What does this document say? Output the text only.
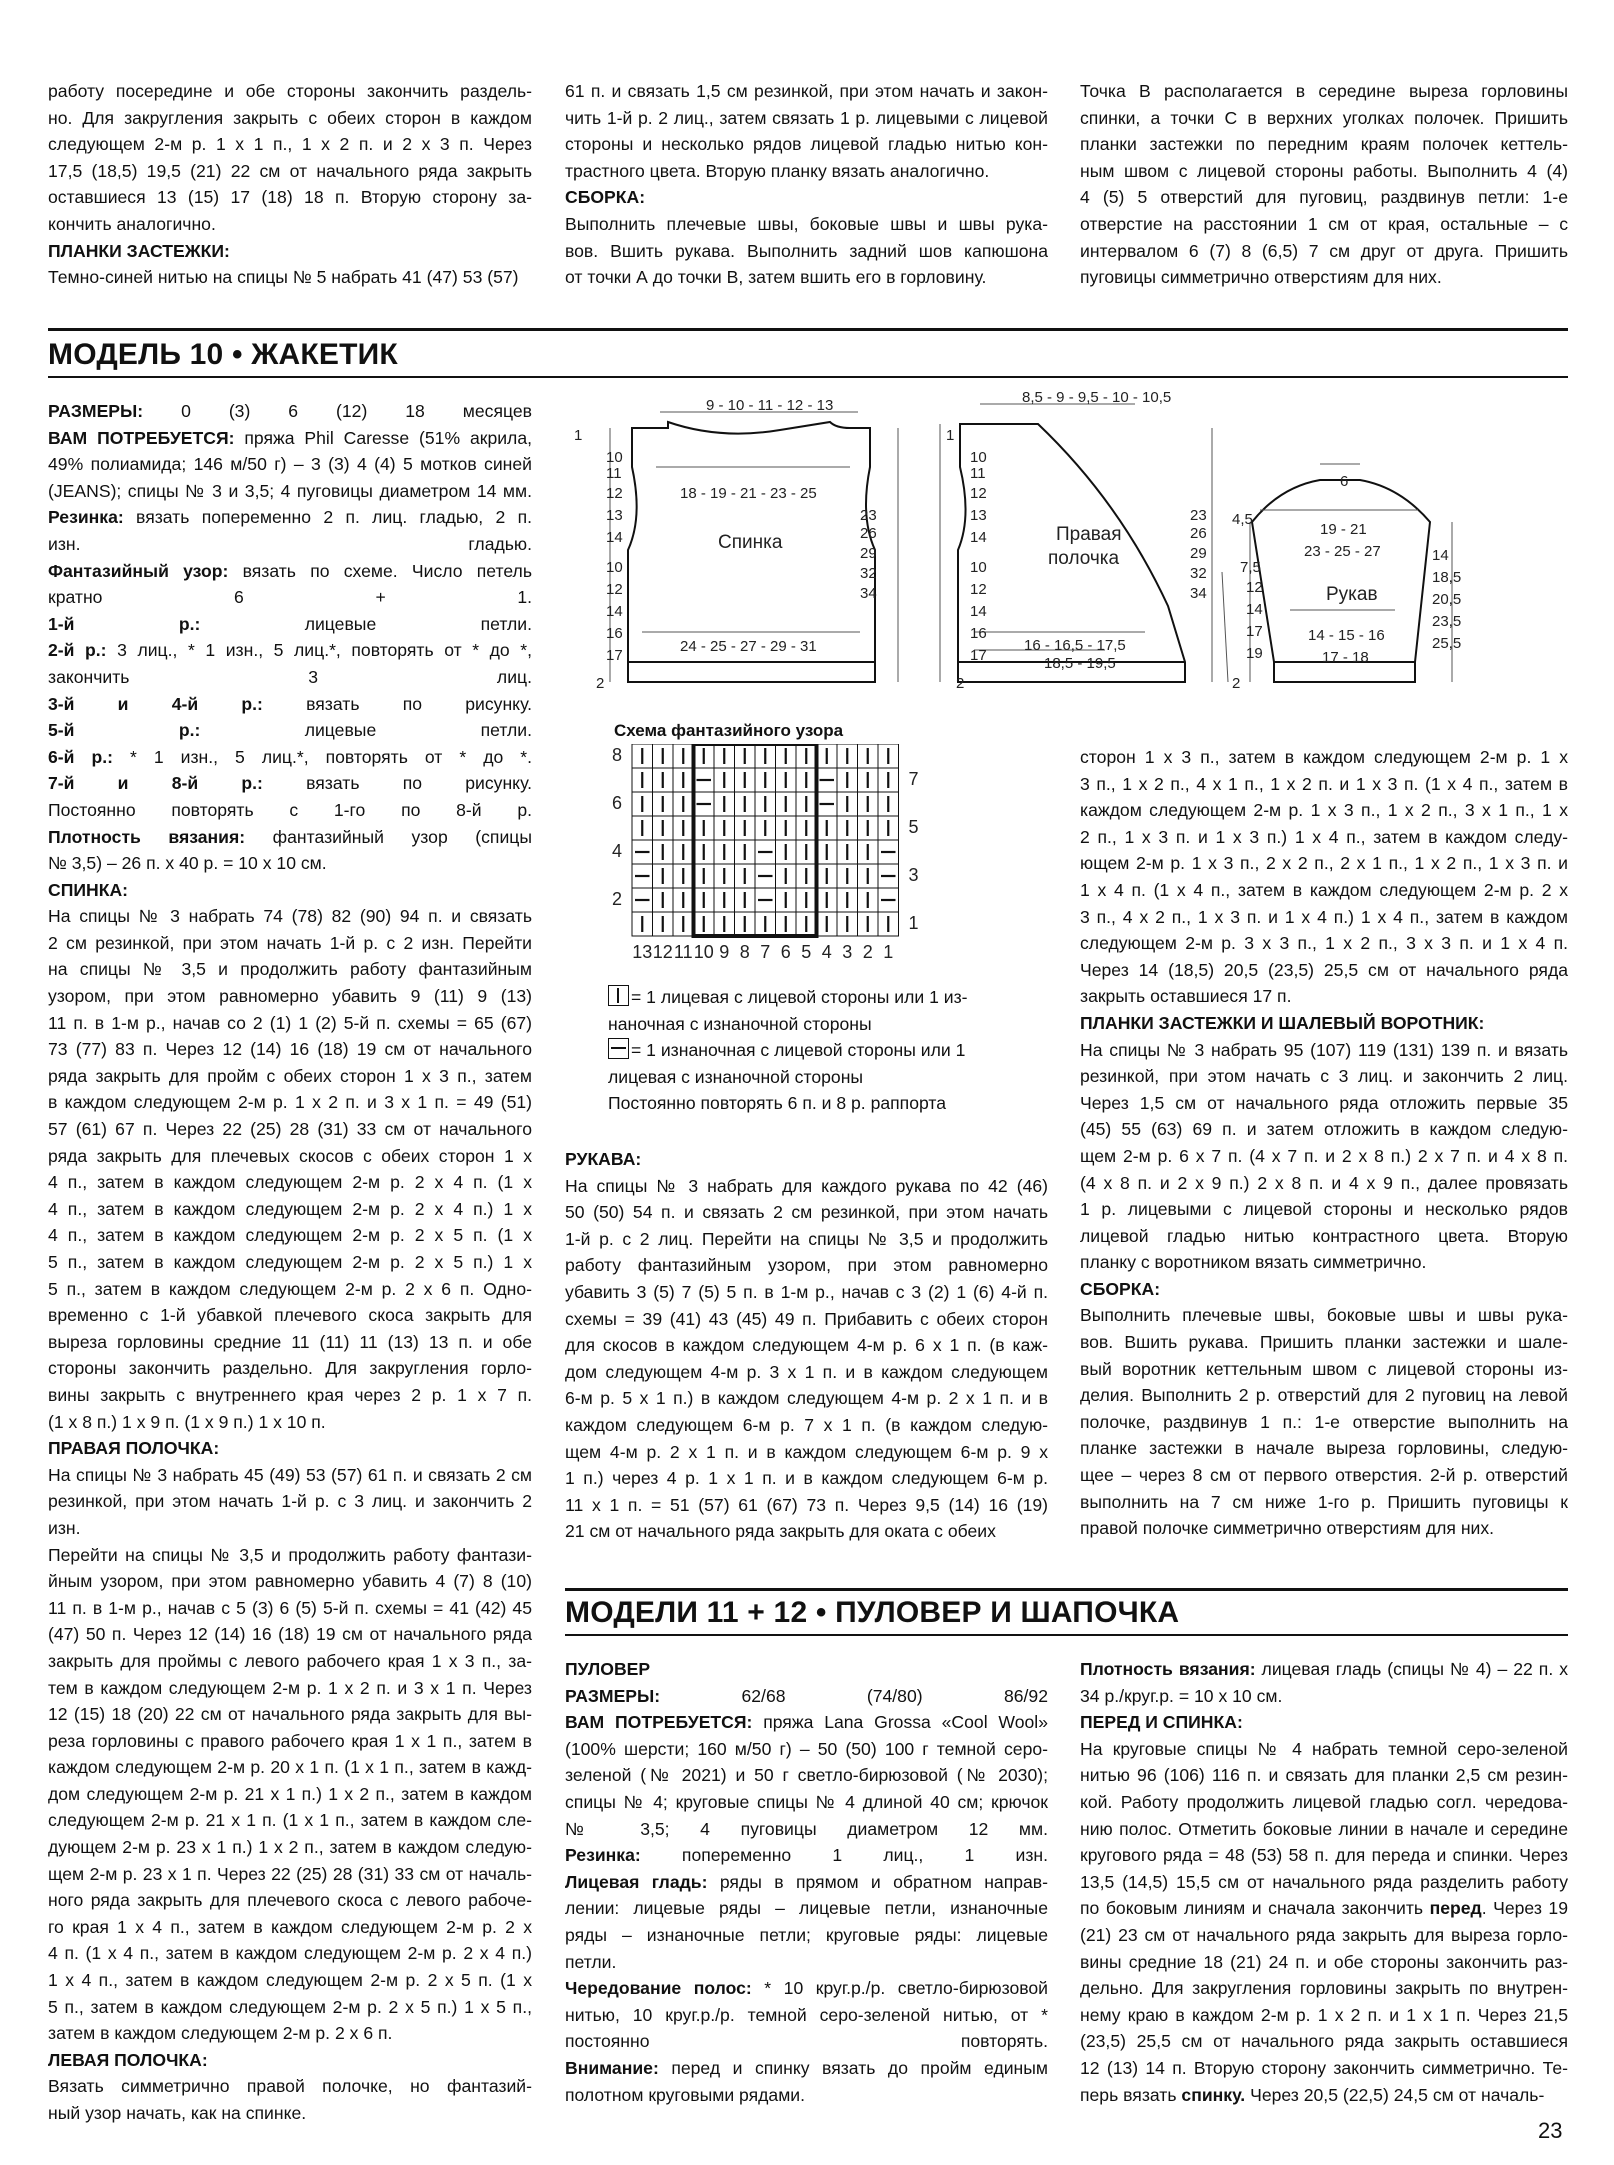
работу посередине и обе стороны закончить раздель-

но. Для закругления закрыть с обеих сторон в каждом

следующем 2-м р. 1 х 1 п., 1 х 2 п. и 2 х 3 п. Через

17,5 (18,5) 19,5 (21) 22 см от начального ряда закрыть

оставшиеся 13 (15) 17 (18) 18 п. Вторую сторону за-

кончить аналогично.

ПЛАНКИ ЗАСТЕЖКИ:

Темно-синей нитью на спицы № 5 набрать 41 (47) 53 (57)

61 п. и связать 1,5 см резинкой, при этом начать и закон-

чить 1-й р. 2 лиц., затем связать 1 р. лицевыми с лицевой

стороны и несколько рядов лицевой гладью нитью кон-

трастного цвета. Вторую планку вязать аналогично.

СБОРКА:

Выполнить плечевые швы, боковые швы и швы рука-

вов. Вшить рукава. Выполнить задний шов капюшона

от точки А до точки В, затем вшить его в горловину.

Точка В располагается в середине выреза горловины

спинки, а точки С в верхних уголках полочек. Пришить

планки застежки по передним краям полочек кеттель-

ным швом с лицевой стороны работы. Выполнить 4 (4)

4 (5) 5 отверстий для пуговиц, раздвинув петли: 1-е

отверстие на расстоянии 1 см от края, остальные – с

интервалом 6 (7) 8 (6,5) 7 см друг от друга. Пришить

пуговицы симметрично отверстиям для них.

МОДЕЛЬ 10 • ЖАКЕТИК

РАЗМЕРЫ: 0 (3) 6 (12) 18 месяцев

ВАМ ПОТРЕБУЕТСЯ: пряжа Phil Caresse (51% акрила,

49% полиамида; 146 м/50 г) – 3 (3) 4 (4) 5 мотков синей

(JEANS); спицы № 3 и 3,5; 4 пуговицы диаметром 14 мм.

Резинка: вязать попеременно 2 п. лиц. гладью, 2 п.

изн. гладью.

Фантазийный узор: вязать по схеме. Число петель

кратно 6 + 1.

1-й р.: лицевые петли.

2-й р.: 3 лиц., * 1 изн., 5 лиц.*, повторять от * до *,

закончить 3 лиц.

3-й и 4-й р.: вязать по рисунку.

5-й р.: лицевые петли.

6-й р.: * 1 изн., 5 лиц.*, повторять от * до *.

7-й и 8-й р.: вязать по рисунку.

Постоянно повторять с 1-го по 8-й р.

Плотность вязания: фантазийный узор (спицы

№ 3,5) – 26 п. х 40 р. = 10 х 10 см.

СПИНКА:

На спицы № 3 набрать 74 (78) 82 (90) 94 п. и связать

2 см резинкой, при этом начать 1-й р. с 2 изн. Перейти

на спицы № 3,5 и продолжить работу фантазийным

узором, при этом равномерно убавить 9 (11) 9 (13)

11 п. в 1-м р., начав со 2 (1) 1 (2) 5-й п. схемы = 65 (67)

73 (77) 83 п. Через 12 (14) 16 (18) 19 см от начального

ряда закрыть для пройм с обеих сторон 1 х 3 п., затем

в каждом следующем 2-м р. 1 х 2 п. и 3 х 1 п. = 49 (51)

57 (61) 67 п. Через 22 (25) 28 (31) 33 см от начального

ряда закрыть для плечевых скосов с обеих сторон 1 х

4 п., затем в каждом следующем 2-м р. 2 х 4 п. (1 х

4 п., затем в каждом следующем 2-м р. 2 х 4 п.) 1 х

4 п., затем в каждом следующем 2-м р. 2 х 5 п. (1 х

5 п., затем в каждом следующем 2-м р. 2 х 5 п.) 1 х

5 п., затем в каждом следующем 2-м р. 2 х 6 п. Одно-

временно с 1-й убавкой плечевого скоса закрыть для

выреза горловины средние 11 (11) 11 (13) 13 п. и обе

стороны закончить раздельно. Для закругления горло-

вины закрыть с внутреннего края через 2 р. 1 х 7 п.

(1 х 8 п.) 1 х 9 п. (1 х 9 п.) 1 х 10 п.

ПРАВАЯ ПОЛОЧКА:

На спицы № 3 набрать 45 (49) 53 (57) 61 п. и связать 2 см

резинкой, при этом начать 1-й р. с 3 лиц. и закончить 2 изн.

Перейти на спицы № 3,5 и продолжить работу фантази-

йным узором, при этом равномерно убавить 4 (7) 8 (10)

11 п. в 1-м р., начав с 5 (3) 6 (5) 5-й п. схемы = 41 (42) 45

(47) 50 п. Через 12 (14) 16 (18) 19 см от начального ряда

закрыть для проймы с левого рабочего края 1 х 3 п., за-

тем в каждом следующем 2-м р. 1 х 2 п. и 3 х 1 п. Через

12 (15) 18 (20) 22 см от начального ряда закрыть для вы-

реза горловины с правого рабочего края 1 х 1 п., затем в

каждом следующем 2-м р. 20 х 1 п. (1 х 1 п., затем в кажд-

дом следующем 2-м р. 21 х 1 п.) 1 х 2 п., затем в каждом

следующем 2-м р. 21 х 1 п. (1 х 1 п., затем в каждом сле-

дующем 2-м р. 23 х 1 п.) 1 х 2 п., затем в каждом следую-

щем 2-м р. 23 х 1 п. Через 22 (25) 28 (31) 33 см от началь-

ного ряда закрыть для плечевого скоса с левого рабоче-

го края 1 х 4 п., затем в каждом следующем 2-м р. 2 х

4 п. (1 х 4 п., затем в каждом следующем 2-м р. 2 х 4 п.)

1 х 4 п., затем в каждом следующем 2-м р. 2 х 5 п. (1 х

5 п., затем в каждом следующем 2-м р. 2 х 5 п.) 1 х 5 п.,

затем в каждом следующем 2-м р. 2 х 6 п.

ЛЕВАЯ ПОЛОЧКА:

Вязать симметрично правой полочке, но фантазий-

ный узор начать, как на спинке.

9 - 10 - 11 - 12 - 13
18 - 19 - 21 - 23 - 25
24 - 25 - 27 - 29 - 31
Спинка
1
10
11
12
13
14
10
12
14
16
17
23
26
29
32
34
2
8,5 - 9 - 9,5 - 10 - 10,5
Правая
полочка
16 - 16,5 - 17,5
18,5 - 19,5
1
10
11
12
13
14
10
12
14
16
17
23
26
29
32
34
2
6
4,5
19 - 21
23 - 25 - 27
Рукав
14 - 15 - 16
17 - 18
7,5
12
14
17
19
14
18,5
20,5
23,5
25,5
2
Схема фантазийного узора
8
6
4
2
7
5
3
1
13 12 11 10 9 8 7 6 5 4 3 2 1

= 1 лицевая с лицевой стороны или 1 из-

наночная с изнаночной стороны

= 1 изнаночная с лицевой стороны или 1

лицевая с изнаночной стороны

Постоянно повторять 6 п. и 8 р. раппорта

РУКАВА:

На спицы № 3 набрать для каждого рукава по 42 (46)

50 (50) 54 п. и связать 2 см резинкой, при этом начать

1-й р. с 2 лиц. Перейти на спицы № 3,5 и продолжить

работу фантазийным узором, при этом равномерно

убавить 3 (5) 7 (5) 5 п. в 1-м р., начав с 3 (2) 1 (6) 4-й п.

схемы = 39 (41) 43 (45) 49 п. Прибавить с обеих сторон

для скосов в каждом следующем 4-м р. 6 х 1 п. (в каж-

дом следующем 4-м р. 3 х 1 п. и в каждом следующем

6-м р. 5 х 1 п.) в каждом следующем 4-м р. 2 х 1 п. и в

каждом следующем 6-м р. 7 х 1 п. (в каждом следую-

щем 4-м р. 2 х 1 п. и в каждом следующем 6-м р. 9 х

1 п.) через 4 р. 1 х 1 п. и в каждом следующем 6-м р.

11 х 1 п. = 51 (57) 61 (67) 73 п. Через 9,5 (14) 16 (19)

21 см от начального ряда закрыть для оката с обеих

сторон 1 х 3 п., затем в каждом следующем 2-м р. 1 х

3 п., 1 х 2 п., 4 х 1 п., 1 х 2 п. и 1 х 3 п. (1 х 4 п., затем в

каждом следующем 2-м р. 1 х 3 п., 1 х 2 п., 3 х 1 п., 1 х

2 п., 1 х 3 п. и 1 х 3 п.) 1 х 4 п., затем в каждом следу-

ющем 2-м р. 1 х 3 п., 2 х 2 п., 2 х 1 п., 1 х 2 п., 1 х 3 п. и

1 х 4 п. (1 х 4 п., затем в каждом следующем 2-м р. 2 х

3 п., 4 х 2 п., 1 х 3 п. и 1 х 4 п.) 1 х 4 п., затем в каждом

следующем 2-м р. 3 х 3 п., 1 х 2 п., 3 х 3 п. и 1 х 4 п.

Через 14 (18,5) 20,5 (23,5) 25,5 см от начального ряда

закрыть оставшиеся 17 п.

ПЛАНКИ ЗАСТЕЖКИ И ШАЛЕВЫЙ ВОРОТНИК:

На спицы № 3 набрать 95 (107) 119 (131) 139 п. и вязать

резинкой, при этом начать с 3 лиц. и закончить 2 лиц.

Через 1,5 см от начального ряда отложить первые 35

(45) 55 (63) 69 п. и затем отложить в каждом следую-

щем 2-м р. 6 х 7 п. (4 х 7 п. и 2 х 8 п.) 2 х 7 п. и 4 х 8 п.

(4 х 8 п. и 2 х 9 п.) 2 х 8 п. и 4 х 9 п., далее провязать

1 р. лицевыми с лицевой стороны и несколько рядов

лицевой гладью нитью контрастного цвета. Вторую

планку с воротником вязать симметрично.

СБОРКА:

Выполнить плечевые швы, боковые швы и швы рука-

вов. Вшить рукава. Пришить планки застежки и шале-

вый воротник кеттельным швом с лицевой стороны из-

делия. Выполнить 2 р. отверстий для 2 пуговиц на левой

полочке, раздвинув 1 п.: 1-е отверстие выполнить на

планке застежки в начале выреза горловины, следую-

щее – через 8 см от первого отверстия. 2-й р. отверстий

выполнить на 7 см ниже 1-го р. Пришить пуговицы к

правой полочке симметрично отверстиям для них.

МОДЕЛИ 11 + 12 • ПУЛОВЕР И ШАПОЧКА

ПУЛОВЕР

РАЗМЕРЫ: 62/68 (74/80) 86/92

ВАМ ПОТРЕБУЕТСЯ: пряжа Lana Grossa «Cool Wool»

(100% шерсти; 160 м/50 г) – 50 (50) 100 г темной серо-

зеленой (№ 2021) и 50 г светло-бирюзовой (№ 2030);

спицы № 4; круговые спицы № 4 длиной 40 см; крючок

№ 3,5; 4 пуговицы диаметром 12 мм.

Резинка: попеременно 1 лиц., 1 изн.

Лицевая гладь: ряды в прямом и обратном направ-

лении: лицевые ряды – лицевые петли, изнаночные

ряды – изнаночные петли; круговые ряды: лицевые

петли.

Чередование полос: * 10 круг.р./р. светло-бирюзовой

нитью, 10 круг.р./р. темной серо-зеленой нитью, от *

постоянно повторять.

Внимание: перед и спинку вязать до пройм единым

полотном круговыми рядами.

Плотность вязания: лицевая гладь (спицы № 4) – 22 п. х

34 р./круг.р. = 10 х 10 см.

ПЕРЕД И СПИНКА:

На круговые спицы № 4 набрать темной серо-зеленой

нитью 96 (106) 116 п. и связать для планки 2,5 см резин-

кой. Работу продолжить лицевой гладью согл. чередова-

нию полос. Отметить боковые линии в начале и середине

кругового ряда = 48 (53) 58 п. для переда и спинки. Через

13,5 (14,5) 15,5 см от начального ряда разделить работу

по боковым линиям и сначала закончить перед. Через 19

(21) 23 см от начального ряда закрыть для выреза горло-

вины средние 18 (21) 24 п. и обе стороны закончить раз-

дельно. Для закругления горловины закрыть по внутрен-

нему краю в каждом 2-м р. 1 х 2 п. и 1 х 1 п. Через 21,5

(23,5) 25,5 см от начального ряда закрыть оставшиеся

12 (13) 14 п. Вторую сторону закончить симметрично. Те-

перь вязать спинку. Через 20,5 (22,5) 24,5 см от началь-

23
